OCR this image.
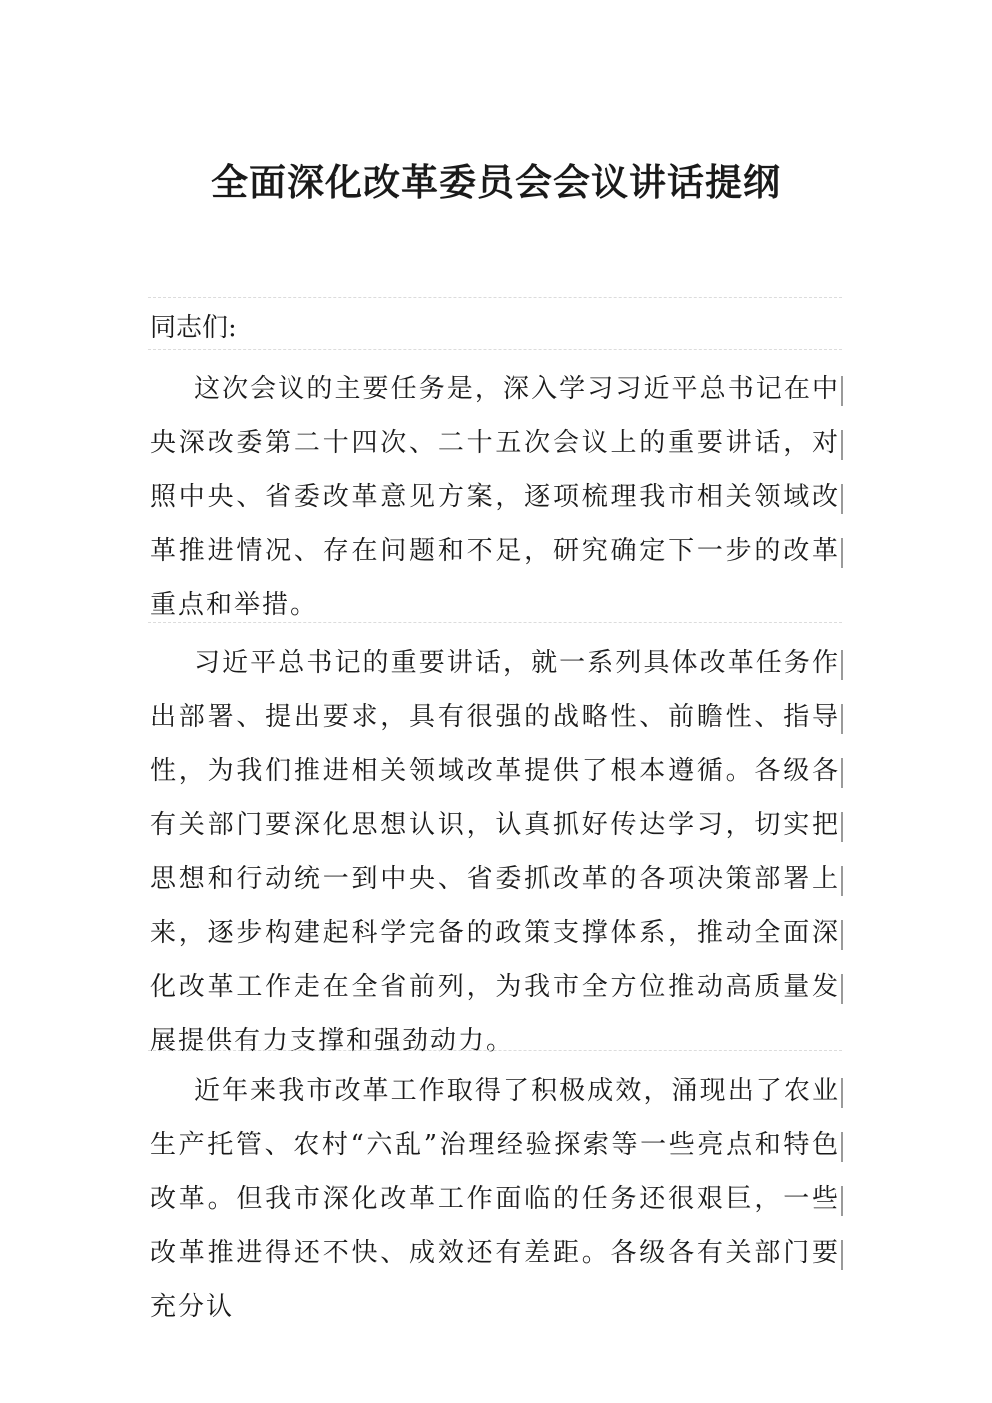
全面深化改革委员会会议讲话提纲
同志们:

这次会议的主要任务是，深入学习习近平总书记在中央深改委第二十四次、二十五次会议上的重要讲话，对照中央、省委改革意见方案，逐项梳理我市相关领域改革推进情况、存在问题和不足，研究确定下一步的改革重点和举措。

习近平总书记的重要讲话，就一系列具体改革任务作出部署、提出要求，具有很强的战略性、前瞻性、指导性，为我们推进相关领域改革提供了根本遵循。各级各有关部门要深化思想认识，认真抓好传达学习，切实把思想和行动统一到中央、省委抓改革的各项决策部署上来，逐步构建起科学完备的政策支撑体系，推动全面深化改革工作走在全省前列，为我市全方位推动高质量发展提供有力支撑和强劲动力。

近年来我市改革工作取得了积极成效，涌现出了农业生产托管、农村“六乱”治理经验探索等一些亮点和特色改革。但我市深化改革工作面临的任务还很艰巨，一些改革推进得还不快、成效还有差距。各级各有关部门要充分认
